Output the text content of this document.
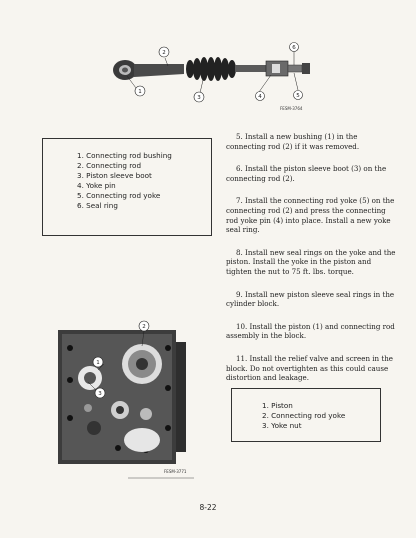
2
6
1
3	4	5
FESM-3764
1. Connecting rod bushing
2. Connecting rod
3. Piston sleeve boot
4. Yoke pin
5. Connecting rod yoke
6. Seal ring

5. Install a new bushing (1) in the connecting rod (2) if it was removed.

6. Install the piston sleeve boot (3) on the connecting rod (2).

7. Install the connecting rod yoke (5) on the connecting rod (2) and press the connecting rod yoke pin (4) into place. Install a new yoke seal ring.

8. Install new seal rings on the yoke and the piston. Install the yoke in the piston and tighten the nut to 75 ft. lbs. torque.

9. Install new piston sleeve seal rings in the cylinder block.

10. Install the piston (1) and connecting rod assembly in the block.

11. Install the relief valve and screen in the block. Do not overtighten as this could cause distortion and leakage.

2
1
3
FESM-3771
1. Piston
2. Connecting rod yoke
3. Yoke nut
8-22
